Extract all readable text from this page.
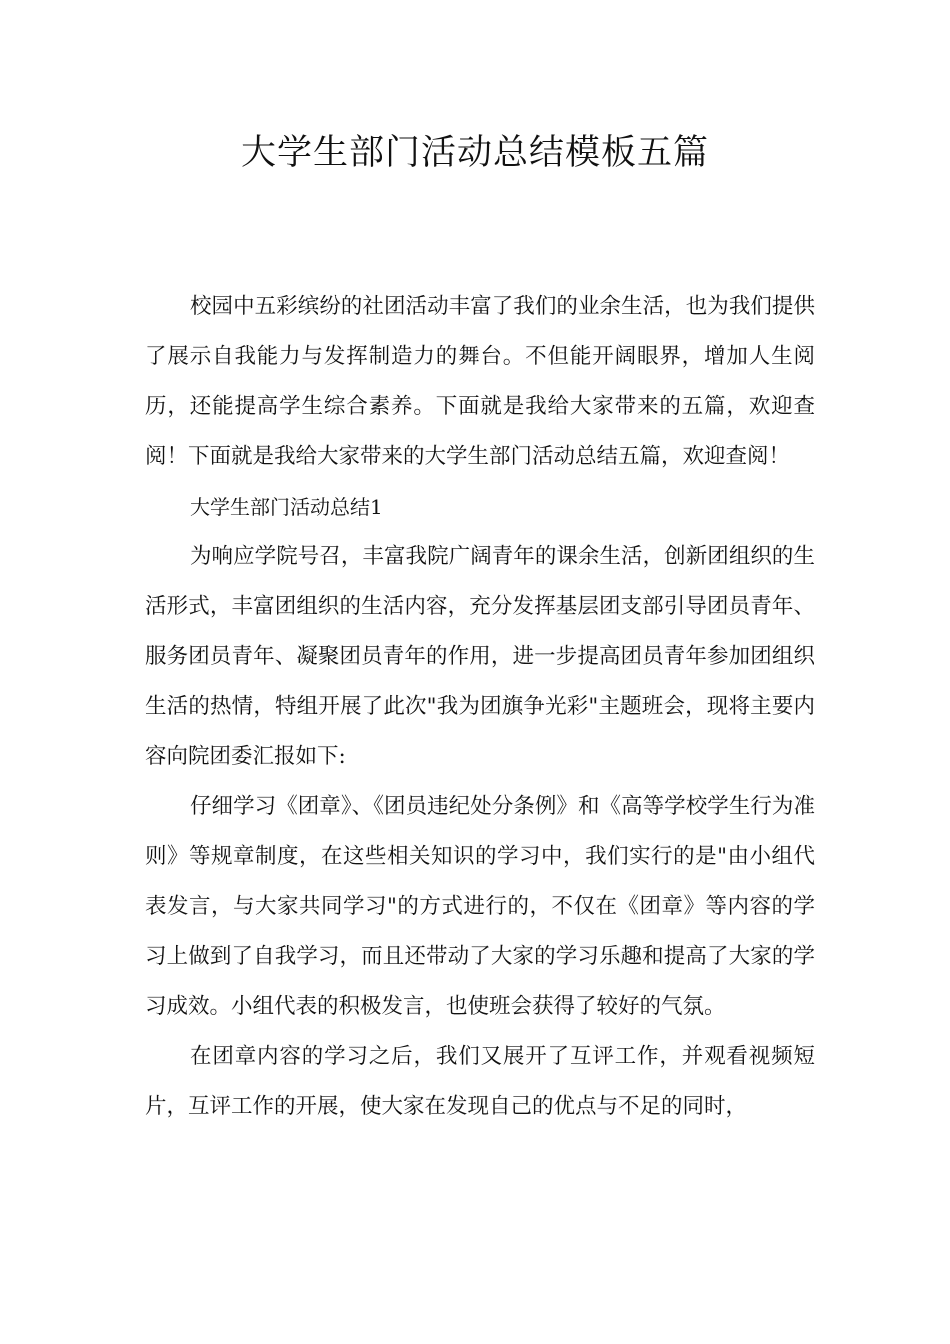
大学生部门活动总结模板五篇

校园中五彩缤纷的社团活动丰富了我们的业余生活，也为我们提供了展示自我能力与发挥制造力的舞台。不但能开阔眼界，增加人生阅历，还能提高学生综合素养。下面就是我给大家带来的五篇，欢迎查阅！下面就是我给大家带来的大学生部门活动总结五篇，欢迎查阅！

大学生部门活动总结1

为响应学院号召，丰富我院广阔青年的课余生活，创新团组织的生活形式，丰富团组织的生活内容，充分发挥基层团支部引导团员青年、服务团员青年、凝聚团员青年的作用，进一步提高团员青年参加团组织生活的热情，特组开展了此次"我为团旗争光彩"主题班会，现将主要内容向院团委汇报如下:

仔细学习《团章》、《团员违纪处分条例》和《高等学校学生行为准则》等规章制度，在这些相关知识的学习中，我们实行的是"由小组代表发言，与大家共同学习"的方式进行的，不仅在《团章》等内容的学习上做到了自我学习，而且还带动了大家的学习乐趣和提高了大家的学习成效。小组代表的积极发言，也使班会获得了较好的气氛。

在团章内容的学习之后，我们又展开了互评工作，并观看视频短片，互评工作的开展，使大家在发现自己的优点与不足的同时，
